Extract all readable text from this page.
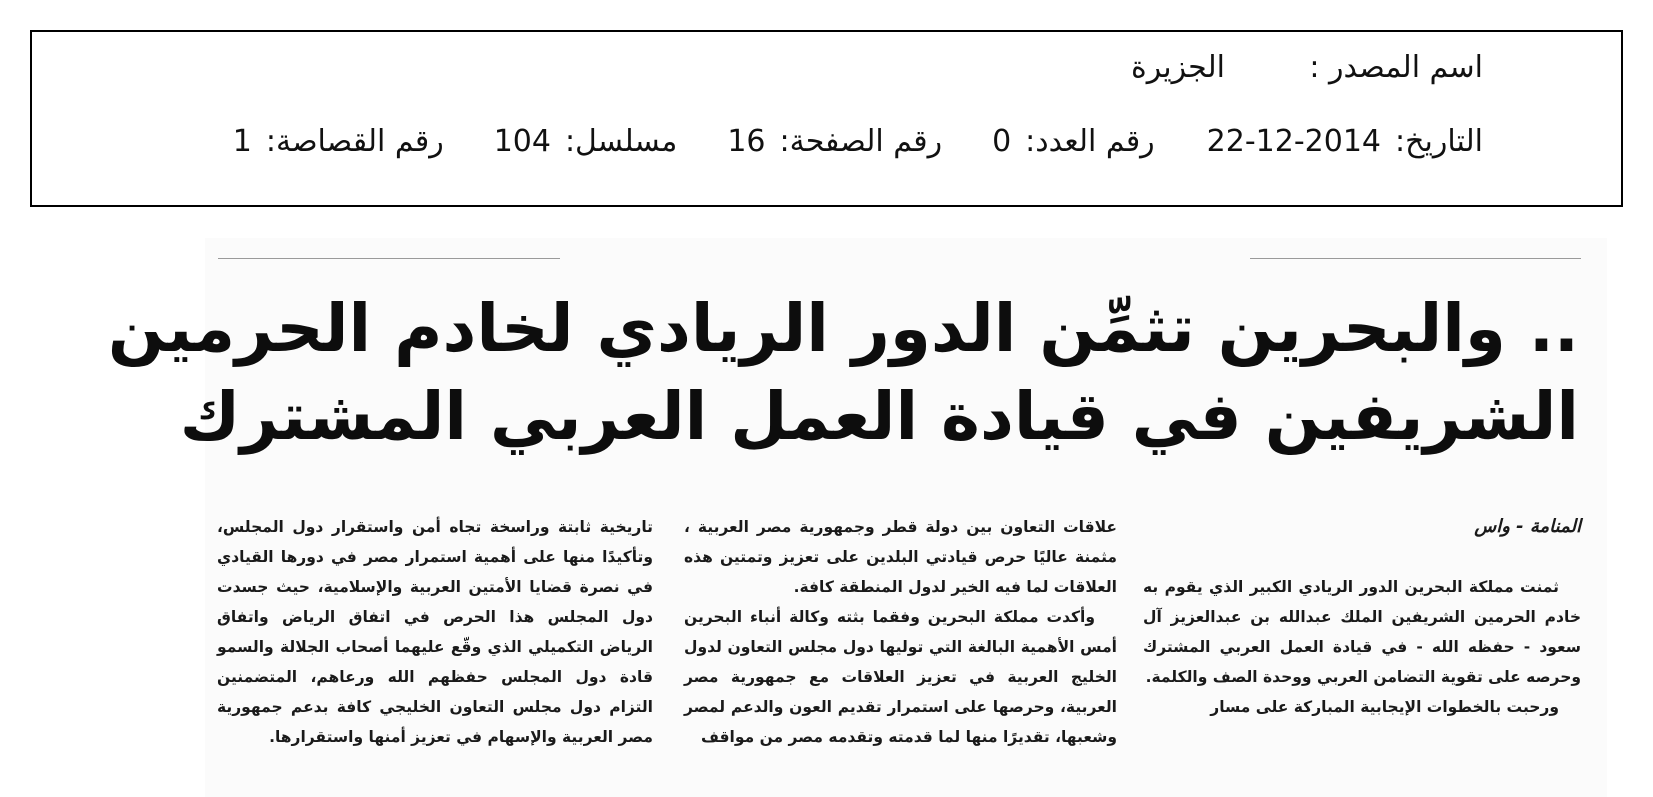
اسم المصدر :
الجزيرة
التاريخ:
22-12-2014
رقم العدد:
0
رقم الصفحة:
16
مسلسل:
104
رقم القصاصة:
1
.. والبحرين تثمِّن الدور الريادي لخادم الحرمين
الشريفين في قيادة العمل العربي المشترك

المنامة - واس

ثمنت مملكة البحرين الدور الريادي الكبير الذي يقوم به خادم الحرمين الشريفين الملك عبدالله بن عبدالعزيز آل سعود - حفظه الله - في قيادة العمل العربي المشترك وحرصه على تقوية التضامن العربي ووحدة الصف والكلمة.

ورحبت بالخطوات الإيجابية المباركة على مسار

علاقات التعاون بين دولة قطر وجمهورية مصر العربية ، مثمنة عاليًا حرص قيادتي البلدين على تعزيز وتمتين هذه العلاقات لما فيه الخير لدول المنطقة كافة.

وأكدت مملكة البحرين وفقما بثته وكالة أنباء البحرين أمس الأهمية البالغة التي توليها دول مجلس التعاون لدول الخليج العربية في تعزيز العلاقات مع جمهورية مصر العربية، وحرصها على استمرار تقديم العون والدعم لمصر وشعبها، تقديرًا منها لما قدمته وتقدمه مصر من مواقف

تاريخية ثابتة وراسخة تجاه أمن واستقرار دول المجلس، وتأكيدًا منها على أهمية استمرار مصر في دورها القيادي في نصرة قضايا الأمتين العربية والإسلامية، حيث جسدت دول المجلس هذا الحرص في اتفاق الرياض واتفاق الرياض التكميلي الذي وقّع عليهما أصحاب الجلالة والسمو قادة دول المجلس حفظهم الله ورعاهم، المتضمنين التزام دول مجلس التعاون الخليجي كافة بدعم جمهورية مصر العربية والإسهام في تعزيز أمنها واستقرارها.
